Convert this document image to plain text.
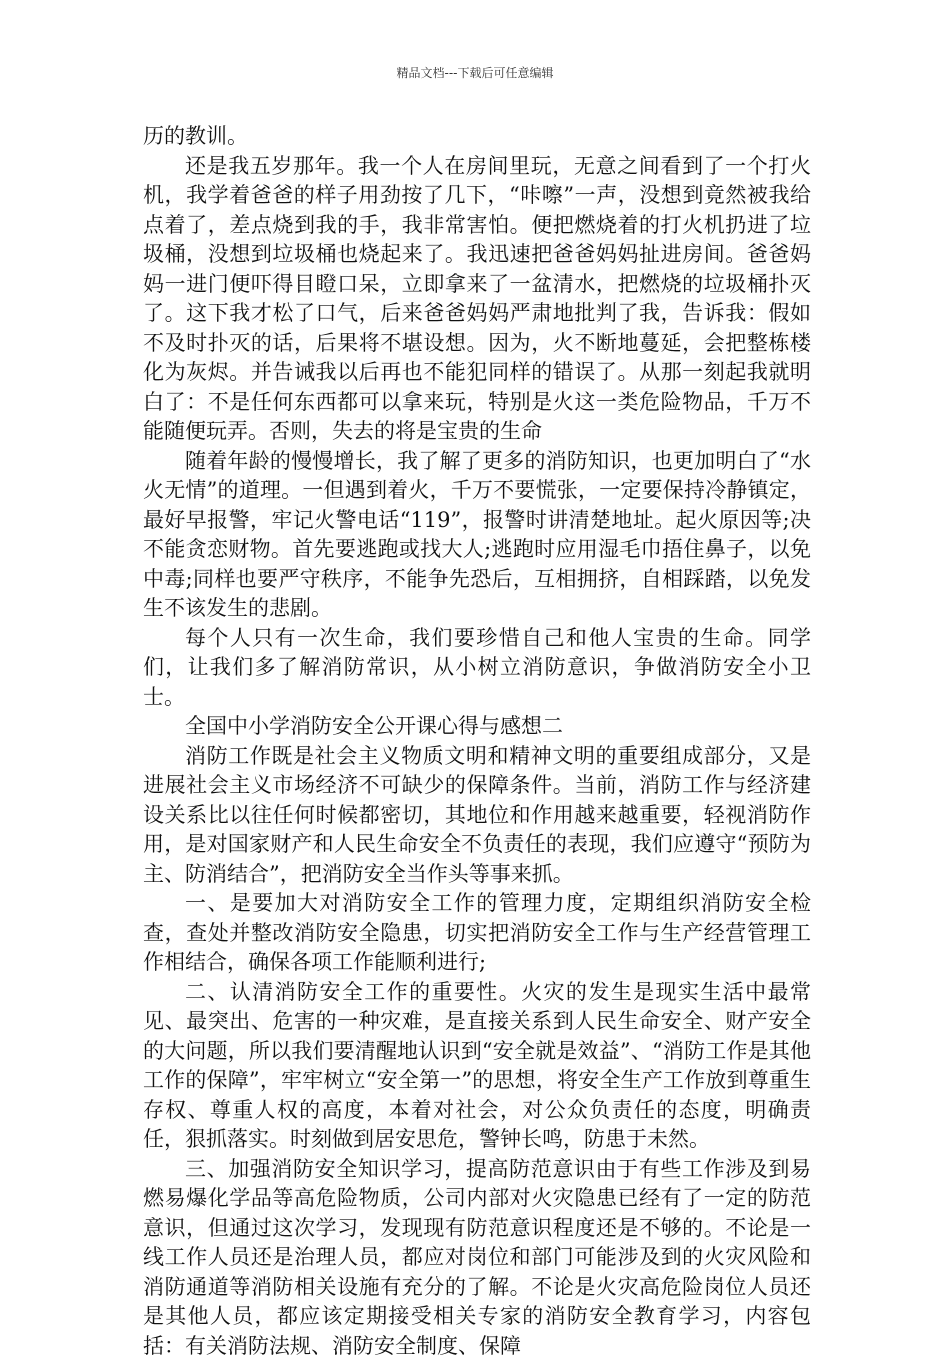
精品文档---下载后可任意编辑

历的教训。

还是我五岁那年。我一个人在房间里玩，无意之间看到了一个打火机，我学着爸爸的样子用劲按了几下，“咔嚓”一声，没想到竟然被我给点着了，差点烧到我的手，我非常害怕。便把燃烧着的打火机扔进了垃圾桶，没想到垃圾桶也烧起来了。我迅速把爸爸妈妈扯进房间。爸爸妈妈一进门便吓得目瞪口呆，立即拿来了一盆清水，把燃烧的垃圾桶扑灭了。这下我才松了口气，后来爸爸妈妈严肃地批判了我，告诉我：假如不及时扑灭的话，后果将不堪设想。因为，火不断地蔓延，会把整栋楼化为灰烬。并告诫我以后再也不能犯同样的错误了。从那一刻起我就明白了：不是任何东西都可以拿来玩，特别是火这一类危险物品，千万不能随便玩弄。否则，失去的将是宝贵的生命

随着年龄的慢慢增长，我了解了更多的消防知识，也更加明白了“水火无情”的道理。一但遇到着火，千万不要慌张，一定要保持冷静镇定，最好早报警，牢记火警电话“119”，报警时讲清楚地址。起火原因等;决不能贪恋财物。首先要逃跑或找大人;逃跑时应用湿毛巾捂住鼻子，以免中毒;同样也要严守秩序，不能争先恐后，互相拥挤，自相踩踏，以免发生不该发生的悲剧。

每个人只有一次生命，我们要珍惜自己和他人宝贵的生命。同学们，让我们多了解消防常识，从小树立消防意识，争做消防安全小卫士。

全国中小学消防安全公开课心得与感想二

消防工作既是社会主义物质文明和精神文明的重要组成部分，又是进展社会主义市场经济不可缺少的保障条件。当前，消防工作与经济建设关系比以往任何时候都密切，其地位和作用越来越重要，轻视消防作用，是对国家财产和人民生命安全不负责任的表现，我们应遵守“预防为主、防消结合”，把消防安全当作头等事来抓。

一、是要加大对消防安全工作的管理力度，定期组织消防安全检查，查处并整改消防安全隐患，切实把消防安全工作与生产经营管理工作相结合，确保各项工作能顺利进行;

二、认清消防安全工作的重要性。火灾的发生是现实生活中最常见、最突出、危害的一种灾难，是直接关系到人民生命安全、财产安全的大问题，所以我们要清醒地认识到“安全就是效益”、“消防工作是其他工作的保障”，牢牢树立“安全第一”的思想，将安全生产工作放到尊重生存权、尊重人权的高度，本着对社会，对公众负责任的态度，明确责任，狠抓落实。时刻做到居安思危，警钟长鸣，防患于未然。

三、加强消防安全知识学习，提高防范意识由于有些工作涉及到易燃易爆化学品等高危险物质，公司内部对火灾隐患已经有了一定的防范意识，但通过这次学习，发现现有防范意识程度还是不够的。不论是一线工作人员还是治理人员，都应对岗位和部门可能涉及到的火灾风险和消防通道等消防相关设施有充分的了解。不论是火灾高危险岗位人员还是其他人员，都应该定期接受相关专家的消防安全教育学习，内容包括：有关消防法规、消防安全制度、保障
